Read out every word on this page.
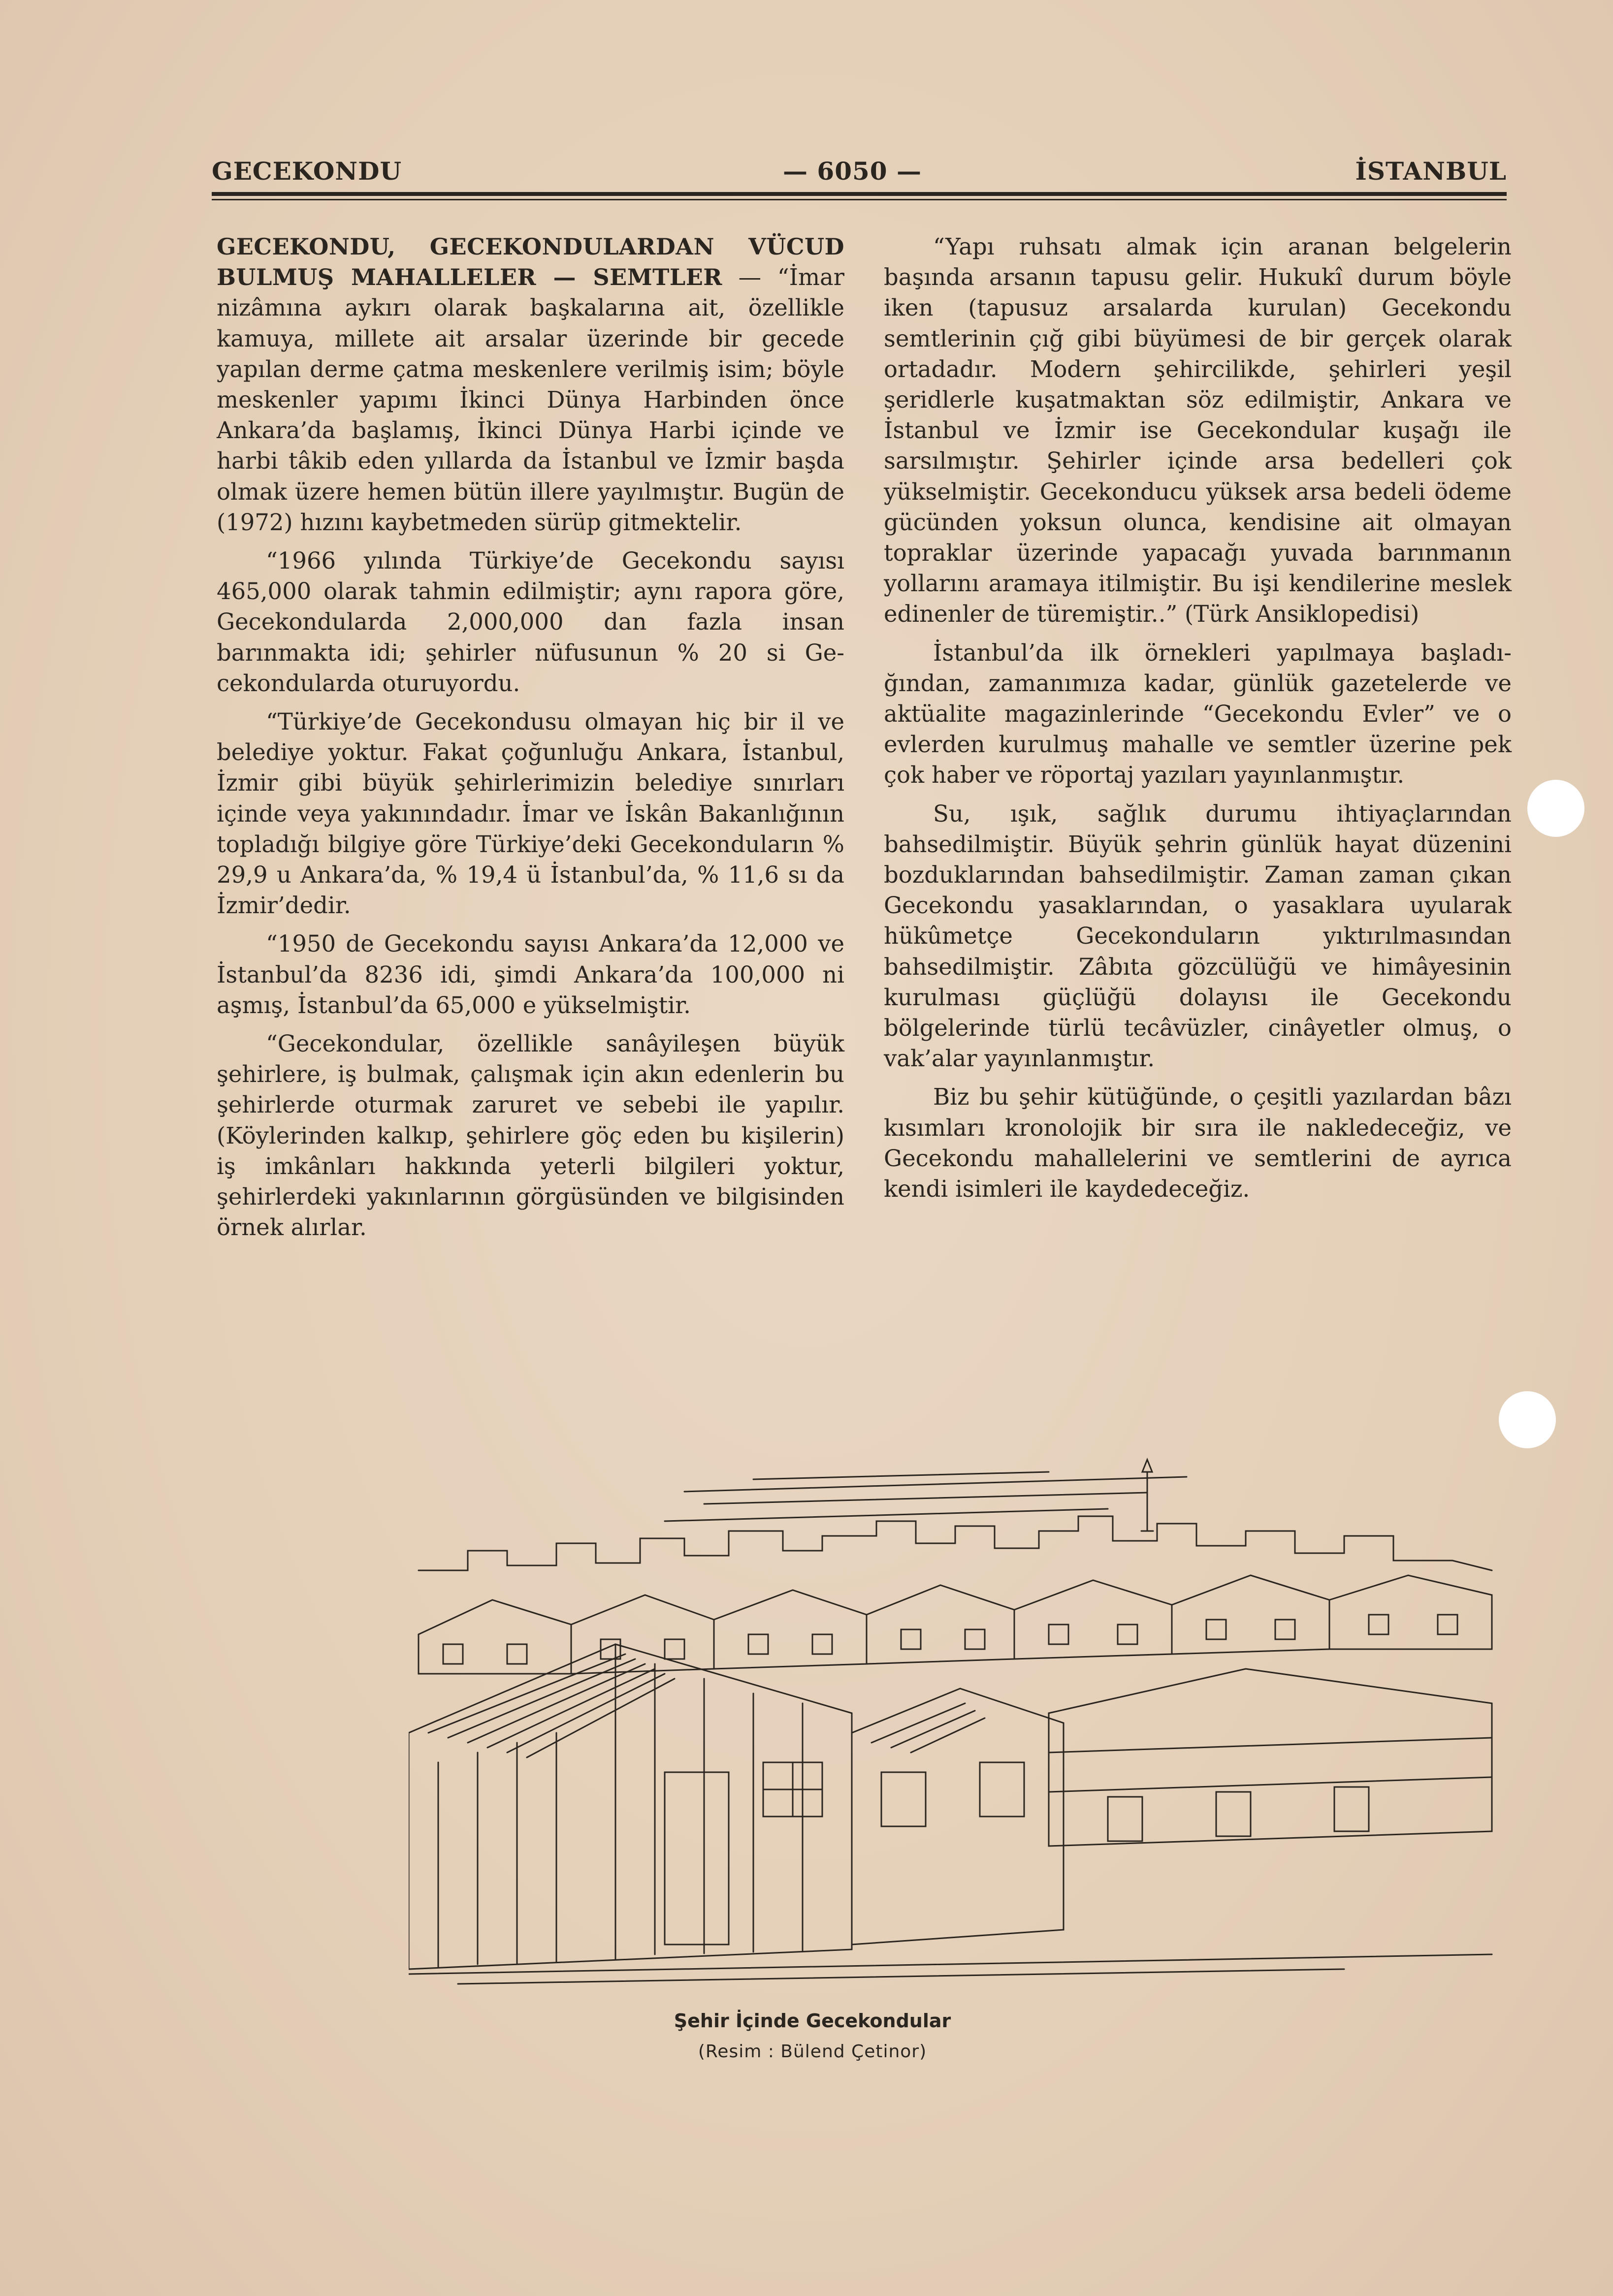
GECEKONDU	— 6050 —	İSTANBUL

GECEKONDU, GECEKONDULARDAN VÜCUD BULMUŞ MAHALLELER — SEMTLER — “İmar nizâmına aykırı olarak başkalarına ait, özellikle kamuya, millete ait arsalar üzerinde bir gecede yapılan derme çatma meskenlere verilmiş isim; böyle meskenler yapımı İkinci Dünya Harbinden önce Ankara’da başlamış, İkinci Dünya Harbi içinde ve harbi tâkib eden yıllarda da İstanbul ve İzmir başda olmak üzere hemen bütün illere yayılmıştır. Bugün de (1972) hızını kaybetmeden sürüp gitmektelir.

“1966 yılında Türkiye’de Gecekondu sayısı 465,000 olarak tahmin edilmiştir; aynı rapora göre, Gecekondularda 2,000,000 dan fazla insan barınmakta idi; şehirler nüfusunun % 20 si Gecekondularda oturuyordu.

“Türkiye’de Gecekondusu olmayan hiç bir il ve belediye yoktur. Fakat çoğunluğu Ankara, İstanbul, İzmir gibi büyük şehirlerimizin belediye sınırları içinde veya yakınındadır. İmar ve İskân Bakanlığının topladığı bilgiye göre Türkiye’deki Gecekonduların % 29,9 u Ankara’da, % 19,4 ü İstanbul’da, % 11,6 sı da İzmir’dedir.

“1950 de Gecekondu sayısı Ankara’da 12,000 ve İstanbul’da 8236 idi, şimdi Ankara’da 100,000 ni aşmış, İstanbul’da 65,000 e yükselmiştir.

“Gecekondular, özellikle sanâyileşen büyük şehirlere, iş bulmak, çalışmak için akın edenlerin bu şehirlerde oturmak zaruret ve sebebi ile yapılır. (Köylerinden kalkıp, şehirlere göç eden bu kişilerin) iş imkânları hakkında yeterli bilgileri yoktur, şehirlerdeki yakınlarının görgüsünden ve bilgisinden örnek alırlar.

“Yapı ruhsatı almak için aranan belgelerin başında arsanın tapusu gelir. Hukukî durum böyle iken (tapusuz arsalarda kurulan) Gecekondu semtlerinin çığ gibi büyümesi de bir gerçek olarak ortadadır. Modern şehircilikde, şehirleri yeşil şeridlerle kuşatmaktan söz edilmiştir, Ankara ve İstanbul ve İzmir ise Gecekondular kuşağı ile sarsılmıştır. Şehirler içinde arsa bedelleri çok yükselmiştir. Gecekonducu yüksek arsa bedeli ödeme gücünden yoksun olunca, kendisine ait olmayan topraklar üzerinde yapacağı yuvada barınmanın yollarını aramaya itilmiştir. Bu işi kendilerine meslek edinenler de türemiştir..” (Türk Ansiklopedisi)

İstanbul’da ilk örnekleri yapılmaya başladığından, zamanımıza kadar, günlük gazetelerde ve aktüalite magazinlerinde “Gecekondu Evler” ve o evlerden kurulmuş mahalle ve semtler üzerine pek çok haber ve röportaj yazıları yayınlanmıştır.

Su, ışık, sağlık durumu ihtiyaçlarından bahsedilmiştir. Büyük şehrin günlük hayat düzenini bozduklarından bahsedilmiştir. Zaman zaman çıkan Gecekondu yasaklarından, o yasaklara uyularak hükûmetçe Gecekonduların yıktırılmasından bahsedilmiştir. Zâbıta gözcülüğü ve himâyesinin kurulması güçlüğü dolayısı ile Gecekondu bölgelerinde türlü tecâvüzler, cinâyetler olmuş, o vak’alar yayınlanmıştır.

Biz bu şehir kütüğünde, o çeşitli yazılardan bâzı kısımları kronolojik bir sıra ile nakledeceğiz, ve Gecekondu mahallelerini ve semtlerini de ayrıca kendi isimleri ile kaydedeceğiz.

Şehir İçinde Gecekondular
(Resim : Bülend Çetinor)
